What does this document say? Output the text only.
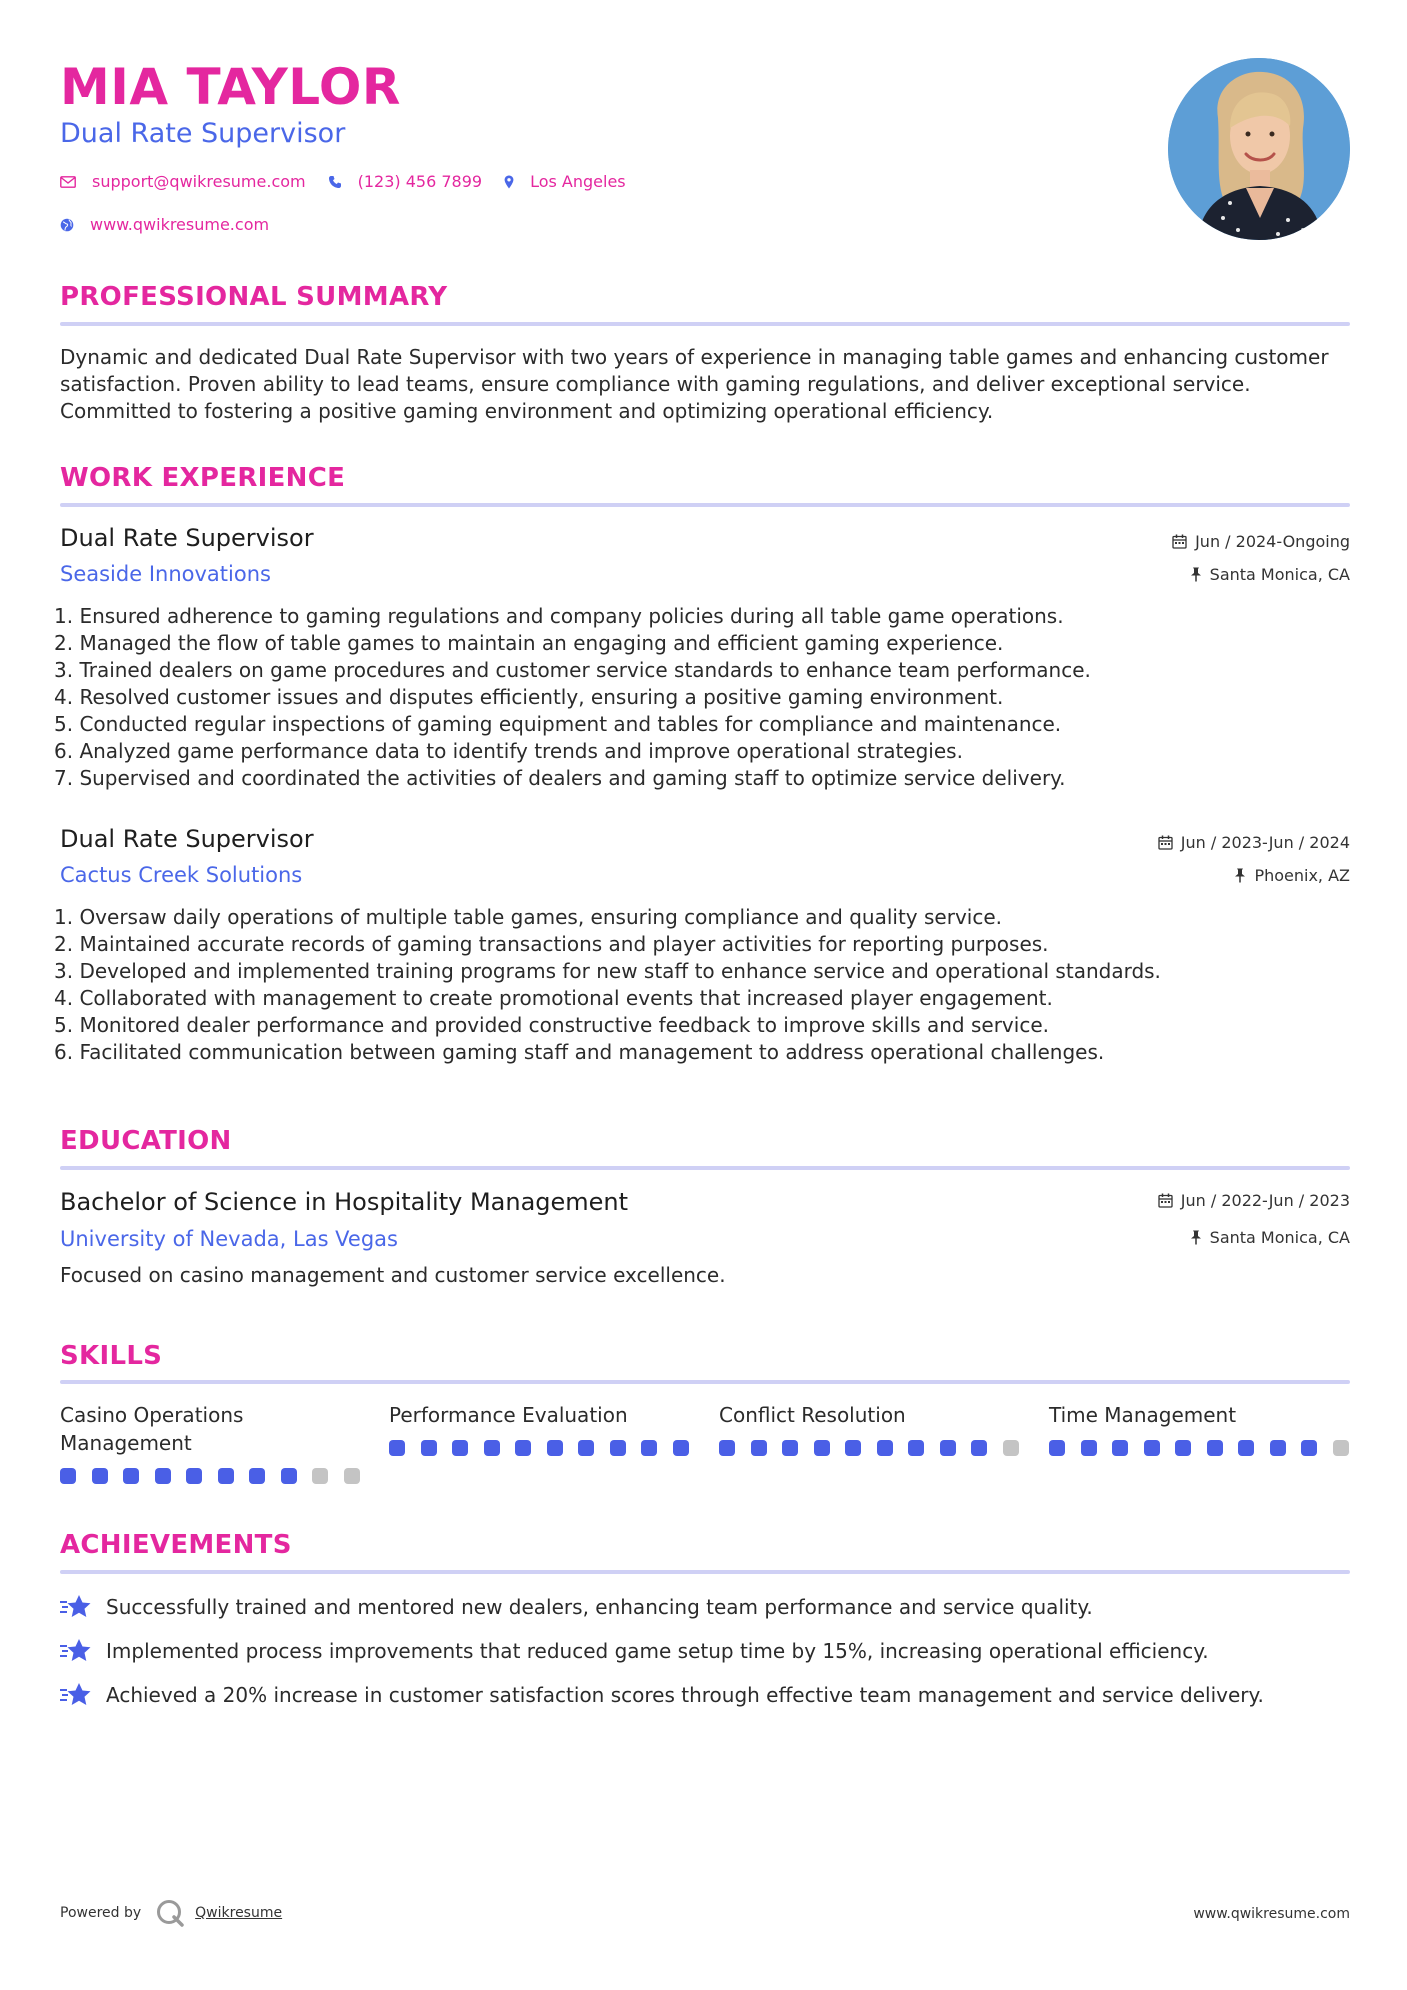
MIA TAYLOR
Dual Rate Supervisor
support@qwikresume.com	(123) 456 7899	Los Angeles
www.qwikresume.com
PROFESSIONAL SUMMARY
Dynamic and dedicated Dual Rate Supervisor with two years of experience in managing table games and enhancing customer satisfaction. Proven ability to lead teams, ensure compliance with gaming regulations, and deliver exceptional service. Committed to fostering a positive gaming environment and optimizing operational efficiency.
WORK EXPERIENCE
Dual Rate Supervisor
Seaside Innovations
Jun / 2024-Ongoing
Santa Monica, CA
1. Ensured adherence to gaming regulations and company policies during all table game operations.
2. Managed the flow of table games to maintain an engaging and efficient gaming experience.
3. Trained dealers on game procedures and customer service standards to enhance team performance.
4. Resolved customer issues and disputes efficiently, ensuring a positive gaming environment.
5. Conducted regular inspections of gaming equipment and tables for compliance and maintenance.
6. Analyzed game performance data to identify trends and improve operational strategies.
7. Supervised and coordinated the activities of dealers and gaming staff to optimize service delivery.
Dual Rate Supervisor
Cactus Creek Solutions
Jun / 2023-Jun / 2024
Phoenix, AZ
1. Oversaw daily operations of multiple table games, ensuring compliance and quality service.
2. Maintained accurate records of gaming transactions and player activities for reporting purposes.
3. Developed and implemented training programs for new staff to enhance service and operational standards.
4. Collaborated with management to create promotional events that increased player engagement.
5. Monitored dealer performance and provided constructive feedback to improve skills and service.
6. Facilitated communication between gaming staff and management to address operational challenges.
EDUCATION
Bachelor of Science in Hospitality Management
University of Nevada, Las Vegas
Jun / 2022-Jun / 2023
Santa Monica, CA
Focused on casino management and customer service excellence.
SKILLS
Casino Operations Management
Performance Evaluation	Conflict Resolution	Time Management
ACHIEVEMENTS
Successfully trained and mentored new dealers, enhancing team performance and service quality.
Implemented process improvements that reduced game setup time by 15%, increasing operational efficiency.
Achieved a 20% increase in customer satisfaction scores through effective team management and service delivery.
Powered by	Qwikresume	www.qwikresume.com
